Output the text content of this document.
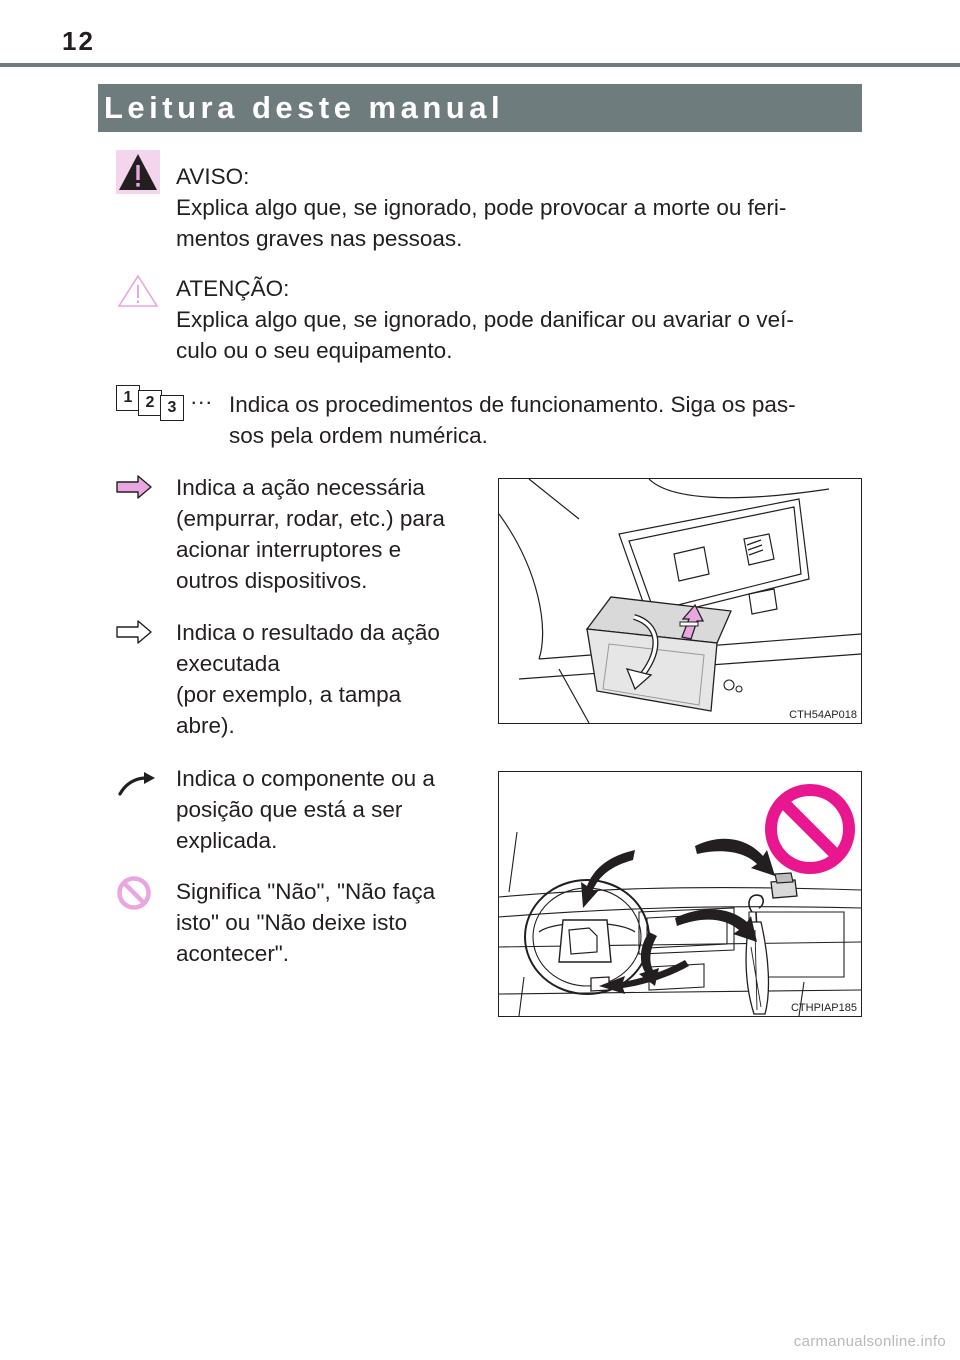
12
Leitura deste manual

AVISO:

Explica algo que, se ignorado, pode provocar a morte ou feri-

mentos graves nas pessoas.

ATENÇÃO:

Explica algo que, se ignorado, pode danificar ou avariar o veí-

culo ou o seu equipamento.

1 2 3 ··· Indica os procedimentos de funcionamento. Siga os pas-

sos pela ordem numérica.

Indica a ação necessária

(empurrar, rodar, etc.) para

acionar interruptores e

outros dispositivos.

Indica o resultado da ação

executada

(por exemplo, a tampa

abre).

Indica o componente ou a

posição que está a ser

explicada.

Significa "Não", "Não faça

isto" ou "Não deixe isto

acontecer".

CTH54AP018
CTHPIAP185
carmanualsonline.info
